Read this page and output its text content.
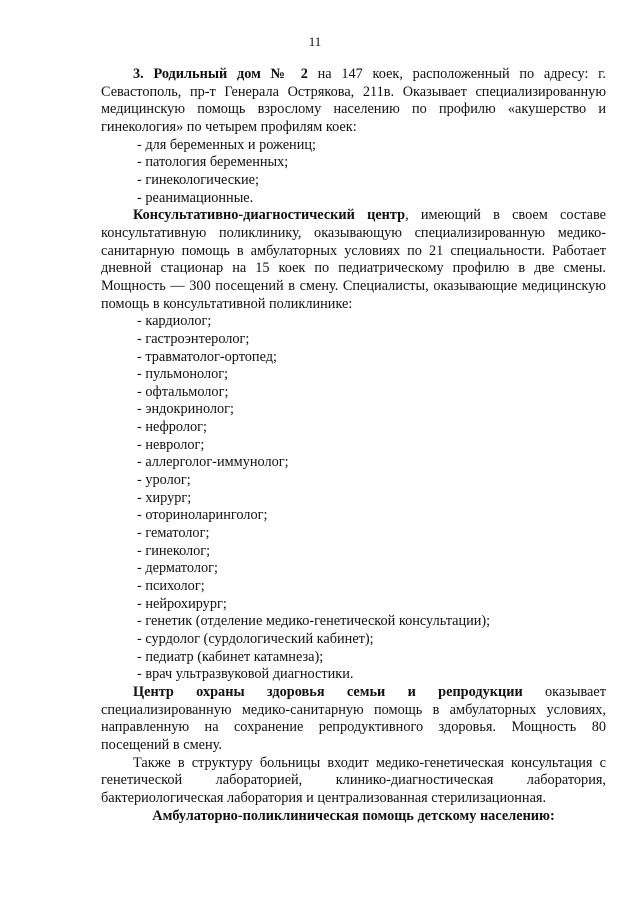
11

3. Родильный дом № 2 на 147 коек, расположенный по адресу: г. Севастополь, пр-т Генерала Острякова, 211в. Оказывает специализированную медицинскую помощь взрослому населению по профилю «акушерство и гинекология» по четырем профилям коек:

- для беременных и рожениц;
- патология беременных;
- гинекологические;
- реанимационные.

Консультативно-диагностический центр, имеющий в своем составе консультативную поликлинику, оказывающую специализированную медико-санитарную помощь в амбулаторных условиях по 21 специальности. Работает дневной стационар на 15 коек по педиатрическому профилю в две смены. Мощность — 300 посещений в смену. Специалисты, оказывающие медицинскую помощь в консультативной поликлинике:

- кардиолог;
- гастроэнтеролог;
- травматолог-ортопед;
- пульмонолог;
- офтальмолог;
- эндокринолог;
- нефролог;
- невролог;
- аллерголог-иммунолог;
- уролог;
- хирург;
- оториноларинголог;
- гематолог;
- гинеколог;
- дерматолог;
- психолог;
- нейрохирург;
- генетик (отделение медико-генетической консультации);
- сурдолог (сурдологический кабинет);
- педиатр (кабинет катамнеза);
- врач ультразвуковой диагностики.

Центр охраны здоровья семьи и репродукции оказывает специализированную медико-санитарную помощь в амбулаторных условиях, направленную на сохранение репродуктивного здоровья. Мощность 80 посещений в смену.

Также в структуру больницы входит медико-генетическая консультация с генетической лабораторией, клинико-диагностическая лаборатория, бактериологическая лаборатория и централизованная стерилизационная.

Амбулаторно-поликлиническая помощь детскому населению:
